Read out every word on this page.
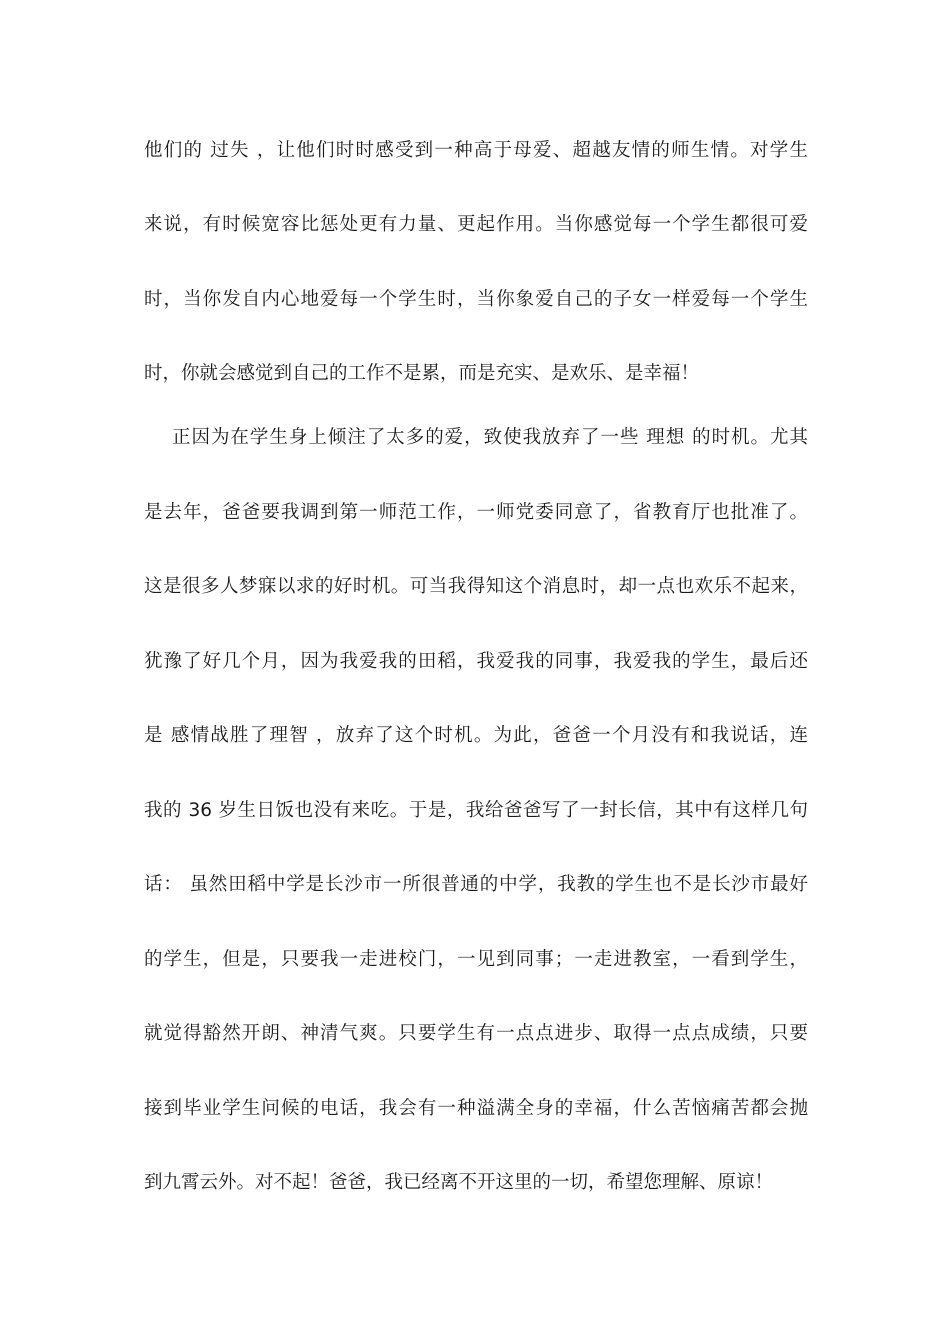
他们的 过失 ，让他们时时感受到一种高于母爱、超越友情的师生情。对学生
来说，有时候宽容比惩处更有力量、更起作用。当你感觉每一个学生都很可爱
时，当你发自内心地爱每一个学生时，当你象爱自己的子女一样爱每一个学生
时，你就会感觉到自己的工作不是累，而是充实、是欢乐、是幸福！
正因为在学生身上倾注了太多的爱，致使我放弃了一些 理想 的时机。尤其
是去年，爸爸要我调到第一师范工作，一师党委同意了，省教育厅也批准了。
这是很多人梦寐以求的好时机。可当我得知这个消息时，却一点也欢乐不起来，
犹豫了好几个月，因为我爱我的田稻，我爱我的同事，我爱我的学生，最后还
是 感情战胜了理智 ，放弃了这个时机。为此，爸爸一个月没有和我说话，连
我的 36 岁生日饭也没有来吃。于是，我给爸爸写了一封长信，其中有这样几句
话： 虽然田稻中学是长沙市一所很普通的中学，我教的学生也不是长沙市最好
的学生，但是，只要我一走进校门，一见到同事；一走进教室，一看到学生，
就觉得豁然开朗、神清气爽。只要学生有一点点进步、取得一点点成绩，只要
接到毕业学生问候的电话，我会有一种溢满全身的幸福，什么苦恼痛苦都会抛
到九霄云外。对不起！爸爸，我已经离不开这里的一切，希望您理解、原谅！
